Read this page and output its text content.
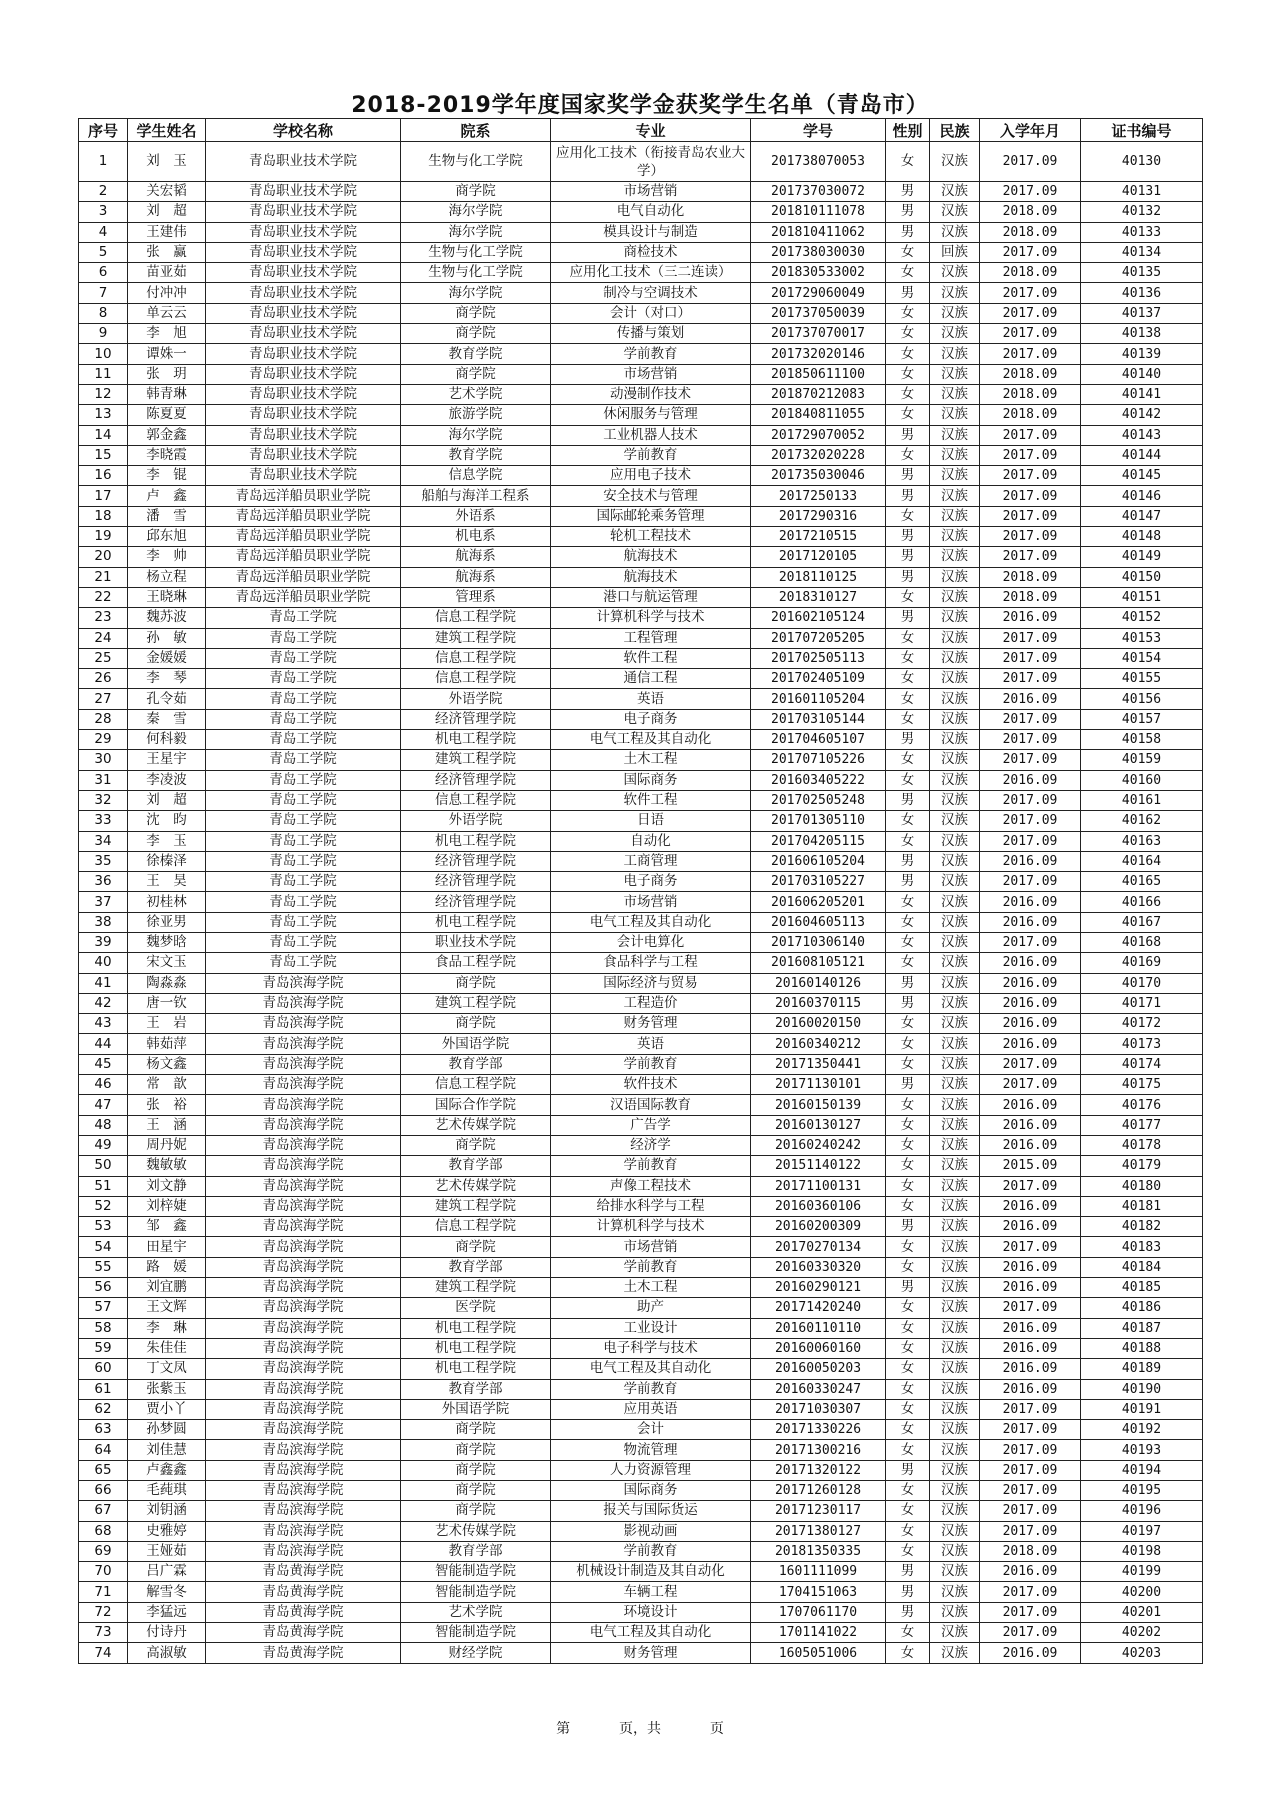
2018-2019学年度国家奖学金获奖学生名单（青岛市）
序号	学生姓名	学校名称	院系	专业	学号	性别	民族	入学年月	证书编号
1	刘　玉	青岛职业技术学院	生物与化工学院	应用化工技术（衔接青岛农业大学）	201738070053	女	汉族	2017.09	40130
2	关宏韬	青岛职业技术学院	商学院	市场营销	201737030072	男	汉族	2017.09	40131
3	刘　超	青岛职业技术学院	海尔学院	电气自动化	201810111078	男	汉族	2018.09	40132
4	王建伟	青岛职业技术学院	海尔学院	模具设计与制造	201810411062	男	汉族	2018.09	40133
5	张　赢	青岛职业技术学院	生物与化工学院	商检技术	201738030030	女	回族	2017.09	40134
6	苗亚茹	青岛职业技术学院	生物与化工学院	应用化工技术（三二连读）	201830533002	女	汉族	2018.09	40135
7	付冲冲	青岛职业技术学院	海尔学院	制冷与空调技术	201729060049	男	汉族	2017.09	40136
8	单云云	青岛职业技术学院	商学院	会计（对口）	201737050039	女	汉族	2017.09	40137
9	李　旭	青岛职业技术学院	商学院	传播与策划	201737070017	女	汉族	2017.09	40138
10	谭姝一	青岛职业技术学院	教育学院	学前教育	201732020146	女	汉族	2017.09	40139
11	张　玥	青岛职业技术学院	商学院	市场营销	201850611100	女	汉族	2018.09	40140
12	韩青琳	青岛职业技术学院	艺术学院	动漫制作技术	201870212083	女	汉族	2018.09	40141
13	陈夏夏	青岛职业技术学院	旅游学院	休闲服务与管理	201840811055	女	汉族	2018.09	40142
14	郭金鑫	青岛职业技术学院	海尔学院	工业机器人技术	201729070052	男	汉族	2017.09	40143
15	李晓霞	青岛职业技术学院	教育学院	学前教育	201732020228	女	汉族	2017.09	40144
16	李　锟	青岛职业技术学院	信息学院	应用电子技术	201735030046	男	汉族	2017.09	40145
17	卢　鑫	青岛远洋船员职业学院	船舶与海洋工程系	安全技术与管理	2017250133	男	汉族	2017.09	40146
18	潘　雪	青岛远洋船员职业学院	外语系	国际邮轮乘务管理	2017290316	女	汉族	2017.09	40147
19	邱东旭	青岛远洋船员职业学院	机电系	轮机工程技术	2017210515	男	汉族	2017.09	40148
20	李　帅	青岛远洋船员职业学院	航海系	航海技术	2017120105	男	汉族	2017.09	40149
21	杨立程	青岛远洋船员职业学院	航海系	航海技术	2018110125	男	汉族	2018.09	40150
22	王晓琳	青岛远洋船员职业学院	管理系	港口与航运管理	2018310127	女	汉族	2018.09	40151
23	魏苏波	青岛工学院	信息工程学院	计算机科学与技术	201602105124	男	汉族	2016.09	40152
24	孙　敏	青岛工学院	建筑工程学院	工程管理	201707205205	女	汉族	2017.09	40153
25	金媛媛	青岛工学院	信息工程学院	软件工程	201702505113	女	汉族	2017.09	40154
26	李　琴	青岛工学院	信息工程学院	通信工程	201702405109	女	汉族	2017.09	40155
27	孔令茹	青岛工学院	外语学院	英语	201601105204	女	汉族	2016.09	40156
28	秦　雪	青岛工学院	经济管理学院	电子商务	201703105144	女	汉族	2017.09	40157
29	何科毅	青岛工学院	机电工程学院	电气工程及其自动化	201704605107	男	汉族	2017.09	40158
30	王星宇	青岛工学院	建筑工程学院	土木工程	201707105226	女	汉族	2017.09	40159
31	李凌波	青岛工学院	经济管理学院	国际商务	201603405222	女	汉族	2016.09	40160
32	刘　超	青岛工学院	信息工程学院	软件工程	201702505248	男	汉族	2017.09	40161
33	沈　昀	青岛工学院	外语学院	日语	201701305110	女	汉族	2017.09	40162
34	李　玉	青岛工学院	机电工程学院	自动化	201704205115	女	汉族	2017.09	40163
35	徐榛泽	青岛工学院	经济管理学院	工商管理	201606105204	男	汉族	2016.09	40164
36	王　昊	青岛工学院	经济管理学院	电子商务	201703105227	男	汉族	2017.09	40165
37	初桂林	青岛工学院	经济管理学院	市场营销	201606205201	女	汉族	2016.09	40166
38	徐亚男	青岛工学院	机电工程学院	电气工程及其自动化	201604605113	女	汉族	2016.09	40167
39	魏梦晗	青岛工学院	职业技术学院	会计电算化	201710306140	女	汉族	2017.09	40168
40	宋文玉	青岛工学院	食品工程学院	食品科学与工程	201608105121	女	汉族	2016.09	40169
41	陶淼淼	青岛滨海学院	商学院	国际经济与贸易	20160140126	男	汉族	2016.09	40170
42	唐一钦	青岛滨海学院	建筑工程学院	工程造价	20160370115	男	汉族	2016.09	40171
43	王　岩	青岛滨海学院	商学院	财务管理	20160020150	女	汉族	2016.09	40172
44	韩茹萍	青岛滨海学院	外国语学院	英语	20160340212	女	汉族	2016.09	40173
45	杨文鑫	青岛滨海学院	教育学部	学前教育	20171350441	女	汉族	2017.09	40174
46	常　歆	青岛滨海学院	信息工程学院	软件技术	20171130101	男	汉族	2017.09	40175
47	张　裕	青岛滨海学院	国际合作学院	汉语国际教育	20160150139	女	汉族	2016.09	40176
48	王　涵	青岛滨海学院	艺术传媒学院	广告学	20160130127	女	汉族	2016.09	40177
49	周丹妮	青岛滨海学院	商学院	经济学	20160240242	女	汉族	2016.09	40178
50	魏敏敏	青岛滨海学院	教育学部	学前教育	20151140122	女	汉族	2015.09	40179
51	刘文静	青岛滨海学院	艺术传媒学院	声像工程技术	20171100131	女	汉族	2017.09	40180
52	刘梓婕	青岛滨海学院	建筑工程学院	给排水科学与工程	20160360106	女	汉族	2016.09	40181
53	邹　鑫	青岛滨海学院	信息工程学院	计算机科学与技术	20160200309	男	汉族	2016.09	40182
54	田星宇	青岛滨海学院	商学院	市场营销	20170270134	女	汉族	2017.09	40183
55	路　媛	青岛滨海学院	教育学部	学前教育	20160330320	女	汉族	2016.09	40184
56	刘宜鹏	青岛滨海学院	建筑工程学院	土木工程	20160290121	男	汉族	2016.09	40185
57	王文辉	青岛滨海学院	医学院	助产	20171420240	女	汉族	2017.09	40186
58	李　琳	青岛滨海学院	机电工程学院	工业设计	20160110110	女	汉族	2016.09	40187
59	朱佳佳	青岛滨海学院	机电工程学院	电子科学与技术	20160060160	女	汉族	2016.09	40188
60	丁文凤	青岛滨海学院	机电工程学院	电气工程及其自动化	20160050203	女	汉族	2016.09	40189
61	张紫玉	青岛滨海学院	教育学部	学前教育	20160330247	女	汉族	2016.09	40190
62	贾小丫	青岛滨海学院	外国语学院	应用英语	20171030307	女	汉族	2017.09	40191
63	孙梦圆	青岛滨海学院	商学院	会计	20171330226	女	汉族	2017.09	40192
64	刘佳慧	青岛滨海学院	商学院	物流管理	20171300216	女	汉族	2017.09	40193
65	卢鑫鑫	青岛滨海学院	商学院	人力资源管理	20171320122	男	汉族	2017.09	40194
66	毛莼琪	青岛滨海学院	商学院	国际商务	20171260128	女	汉族	2017.09	40195
67	刘钥涵	青岛滨海学院	商学院	报关与国际货运	20171230117	女	汉族	2017.09	40196
68	史雅婷	青岛滨海学院	艺术传媒学院	影视动画	20171380127	女	汉族	2017.09	40197
69	王娅茹	青岛滨海学院	教育学部	学前教育	20181350335	女	汉族	2018.09	40198
70	吕广霖	青岛黄海学院	智能制造学院	机械设计制造及其自动化	1601111099	男	汉族	2016.09	40199
71	解雪冬	青岛黄海学院	智能制造学院	车辆工程	1704151063	男	汉族	2017.09	40200
72	李猛远	青岛黄海学院	艺术学院	环境设计	1707061170	男	汉族	2017.09	40201
73	付诗丹	青岛黄海学院	智能制造学院	电气工程及其自动化	1701141022	女	汉族	2017.09	40202
74	高淑敏	青岛黄海学院	财经学院	财务管理	1605051006	女	汉族	2016.09	40203
第	页，共	页
